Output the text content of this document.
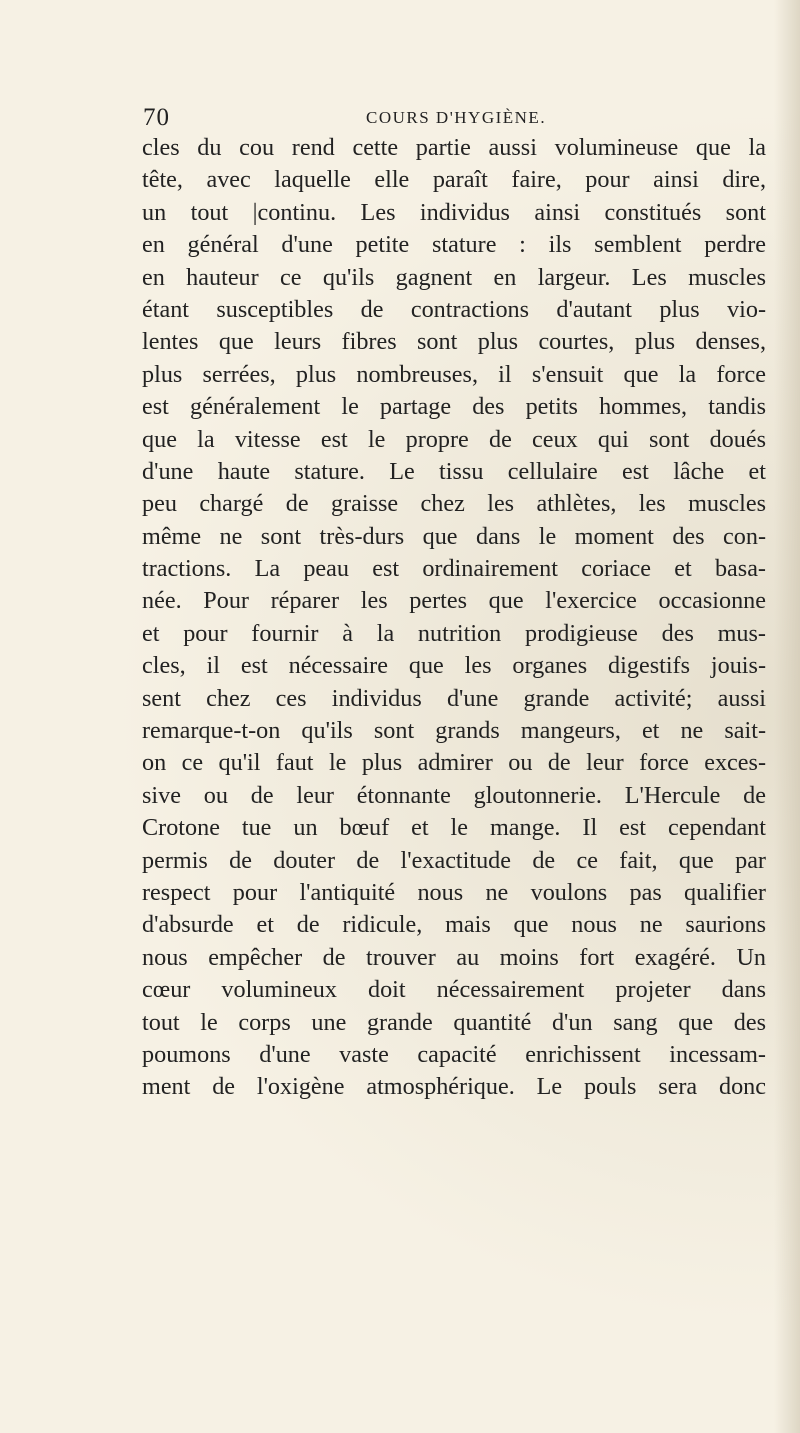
70	COURS D'HYGIÈNE.
cles du cou rend cette partie aussi volumineuse que la
tête, avec laquelle elle paraît faire, pour ainsi dire,
un tout |continu. Les individus ainsi constitués sont
en général d'une petite stature : ils semblent perdre
en hauteur ce qu'ils gagnent en largeur. Les muscles
étant susceptibles de contractions d'autant plus vio-
lentes que leurs fibres sont plus courtes, plus denses,
plus serrées, plus nombreuses, il s'ensuit que la force
est généralement le partage des petits hommes, tandis
que la vitesse est le propre de ceux qui sont doués
d'une haute stature. Le tissu cellulaire est lâche et
peu chargé de graisse chez les athlètes, les muscles
même ne sont très-durs que dans le moment des con-
tractions. La peau est ordinairement coriace et basa-
née. Pour réparer les pertes que l'exercice occasionne
et pour fournir à la nutrition prodigieuse des mus-
cles, il est nécessaire que les organes digestifs jouis-
sent chez ces individus d'une grande activité; aussi
remarque-t-on qu'ils sont grands mangeurs, et ne sait-
on ce qu'il faut le plus admirer ou de leur force exces-
sive ou de leur étonnante gloutonnerie. L'Hercule de
Crotone tue un bœuf et le mange. Il est cependant
permis de douter de l'exactitude de ce fait, que par
respect pour l'antiquité nous ne voulons pas qualifier
d'absurde et de ridicule, mais que nous ne saurions
nous empêcher de trouver au moins fort exagéré. Un
cœur volumineux doit nécessairement projeter dans
tout le corps une grande quantité d'un sang que des
poumons d'une vaste capacité enrichissent incessam-
ment de l'oxigène atmosphérique. Le pouls sera donc
